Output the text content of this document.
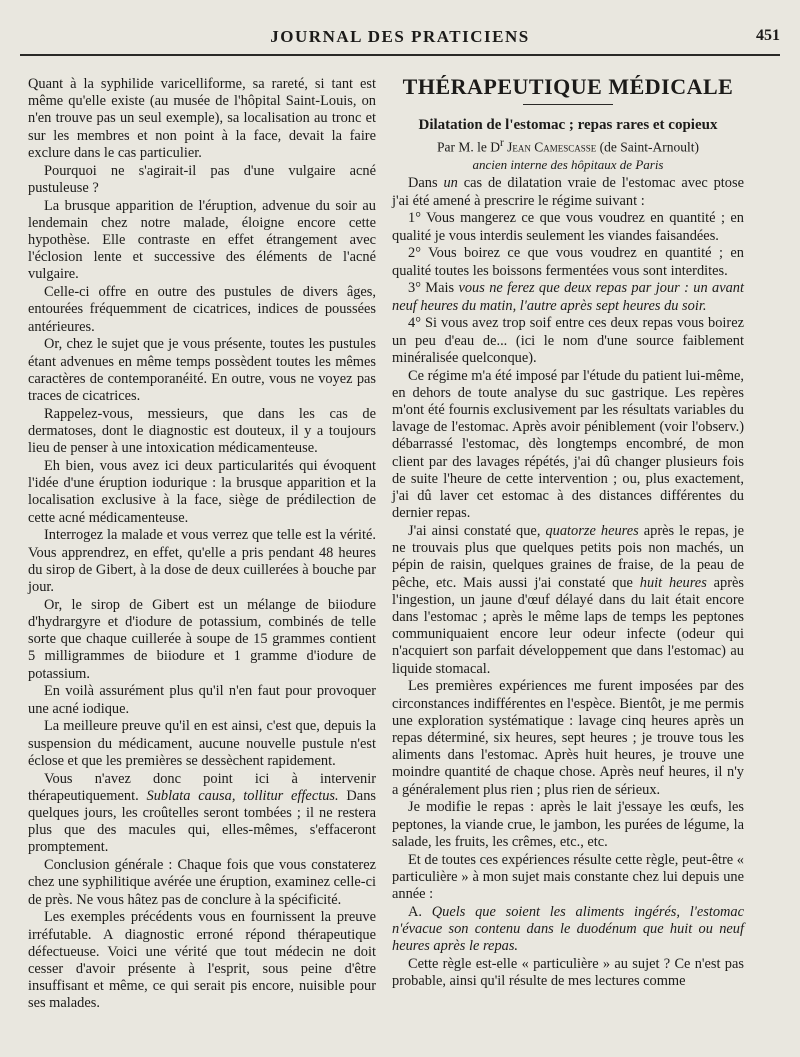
JOURNAL DES PRATICIENS	451

Quant à la syphilide varicelliforme, sa rareté, si tant est même qu'elle existe (au musée de l'hôpital Saint-Louis, on n'en trouve pas un seul exemple), sa localisation au tronc et sur les membres et non point à la face, devait la faire exclure dans le cas particulier.

Pourquoi ne s'agirait-il pas d'une vulgaire acné pustuleuse ?

La brusque apparition de l'éruption, advenue du soir au lendemain chez notre malade, éloigne encore cette hypothèse. Elle contraste en effet étrangement avec l'éclosion lente et successive des éléments de l'acné vulgaire.

Celle-ci offre en outre des pustules de divers âges, entourées fréquemment de cicatrices, indices de poussées antérieures.

Or, chez le sujet que je vous présente, toutes les pustules étant advenues en même temps possèdent toutes les mêmes caractères de contemporanéité. En outre, vous ne voyez pas traces de cicatrices.

Rappelez-vous, messieurs, que dans les cas de dermatoses, dont le diagnostic est douteux, il y a toujours lieu de penser à une intoxication médicamenteuse.

Eh bien, vous avez ici deux particularités qui évoquent l'idée d'une éruption iodurique : la brusque apparition et la localisation exclusive à la face, siège de prédilection de cette acné médicamenteuse.

Interrogez la malade et vous verrez que telle est la vérité. Vous apprendrez, en effet, qu'elle a pris pendant 48 heures du sirop de Gibert, à la dose de deux cuillerées à bouche par jour.

Or, le sirop de Gibert est un mélange de biiodure d'hydrargyre et d'iodure de potassium, combinés de telle sorte que chaque cuillerée à soupe de 15 grammes contient 5 milligrammes de biiodure et 1 gramme d'iodure de potassium.

En voilà assurément plus qu'il n'en faut pour provoquer une acné iodique.

La meilleure preuve qu'il en est ainsi, c'est que, depuis la suspension du médicament, aucune nouvelle pustule n'est éclose et que les premières se dessèchent rapidement.

Vous n'avez donc point ici à intervenir thérapeutiquement. Sublata causa, tollitur effectus. Dans quelques jours, les croûtelles seront tombées ; il ne restera plus que des macules qui, elles-mêmes, s'effaceront promptement.

Conclusion générale : Chaque fois que vous constaterez chez une syphilitique avérée une éruption, examinez celle-ci de près. Ne vous hâtez pas de conclure à la spécificité.

Les exemples précédents vous en fournissent la preuve irréfutable. A diagnostic erroné répond thérapeutique défectueuse. Voici une vérité que tout médecin ne doit cesser d'avoir présente à l'esprit, sous peine d'être insuffisant et même, ce qui serait pis encore, nuisible pour ses malades.

THÉRAPEUTIQUE MÉDICALE
Dilatation de l'estomac ; repas rares et copieux
Par M. le $D^r$ Jean Camescasse (de Saint-Arnoult)
ancien interne des hôpitaux de Paris

Dans un cas de dilatation vraie de l'estomac avec ptose j'ai été amené à prescrire le régime suivant :

1° Vous mangerez ce que vous voudrez en quantité ; en qualité je vous interdis seulement les viandes faisandées.

2° Vous boirez ce que vous voudrez en quantité ; en qualité toutes les boissons fermentées vous sont interdites.

3° Mais vous ne ferez que deux repas par jour : un avant neuf heures du matin, l'autre après sept heures du soir.

4° Si vous avez trop soif entre ces deux repas vous boirez un peu d'eau de... (ici le nom d'une source faiblement minéralisée quelconque).

Ce régime m'a été imposé par l'étude du patient lui-même, en dehors de toute analyse du suc gastrique. Les repères m'ont été fournis exclusivement par les résultats variables du lavage de l'estomac. Après avoir péniblement (voir l'observ.) débarrassé l'estomac, dès longtemps encombré, de mon client par des lavages répétés, j'ai dû changer plusieurs fois de suite l'heure de cette intervention ; ou, plus exactement, j'ai dû laver cet estomac à des distances différentes du dernier repas.

J'ai ainsi constaté que, quatorze heures après le repas, je ne trouvais plus que quelques petits pois non machés, un pépin de raisin, quelques graines de fraise, de la peau de pêche, etc. Mais aussi j'ai constaté que huit heures après l'ingestion, un jaune d'œuf délayé dans du lait était encore dans l'estomac ; après le même laps de temps les peptones communiquaient encore leur odeur infecte (odeur qui n'acquiert son parfait développement que dans l'estomac) au liquide stomacal.

Les premières expériences me furent imposées par des circonstances indifférentes en l'espèce. Bientôt, je me permis une exploration systématique : lavage cinq heures après un repas déterminé, six heures, sept heures ; je trouve tous les aliments dans l'estomac. Après huit heures, je trouve une moindre quantité de chaque chose. Après neuf heures, il n'y a généralement plus rien ; plus rien de sérieux.

Je modifie le repas : après le lait j'essaye les œufs, les peptones, la viande crue, le jambon, les purées de légume, la salade, les fruits, les crêmes, etc., etc.

Et de toutes ces expériences résulte cette règle, peut-être « particulière » à mon sujet mais constante chez lui depuis une année :

A. Quels que soient les aliments ingérés, l'estomac n'évacue son contenu dans le duodénum que huit ou neuf heures après le repas.

Cette règle est-elle « particulière » au sujet ? Ce n'est pas probable, ainsi qu'il résulte de mes lectures comme
